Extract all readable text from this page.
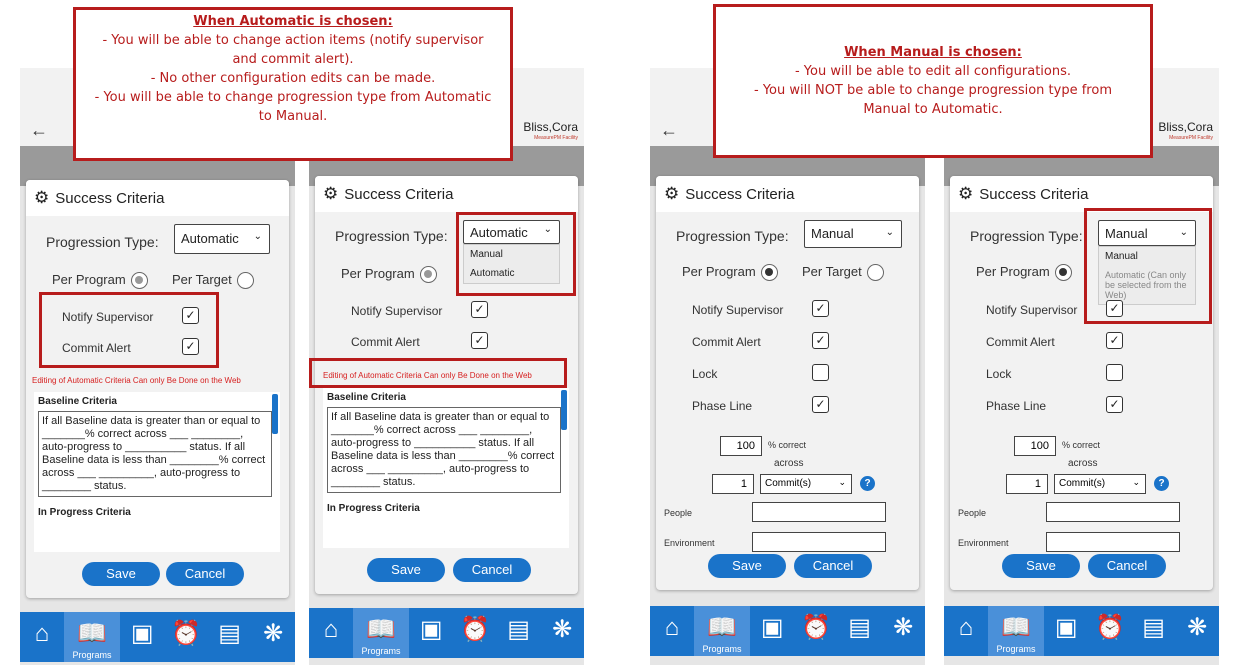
←
⚙ Success Criteria
Progression Type:	Automatic ⌄
Per Program	Per Target
Notify Supervisor	✓
Commit Alert	✓
Editing of Automatic Criteria Can only Be Done on the Web
Baseline Criteria
If all Baseline data is greater than or equal to _______% correct across ___ ________, auto-progress to __________ status. If all Baseline data is less than ________% correct across ___ _________, auto-progress to ________ status.
In Progress Criteria
Save	Cancel
⌂	📖
Programs
▣ ⏰ ▤ ❋
Bliss,Cora
MeasurePM Facility
⚙ Success Criteria
Progression Type:	Automatic ⌄
Manual
Automatic
Per Program
Notify Supervisor	✓
Commit Alert	✓
Editing of Automatic Criteria Can only Be Done on the Web
Baseline Criteria
If all Baseline data is greater than or equal to _______% correct across ___ ________, auto-progress to __________ status. If all Baseline data is less than ________% correct across ___ _________, auto-progress to ________ status.
In Progress Criteria
Save	Cancel
⌂	📖
Programs
▣ ⏰ ▤ ❋
←
⚙ Success Criteria
Progression Type:	Manual	⌄
Per Program	Per Target
Notify Supervisor	✓
Commit Alert	✓
Lock
Phase Line	✓
100	% correct
across
1	Commit(s)	⌄	?
People
Environment
Save	Cancel
⌂	📖
Programs
▣ ⏰ ▤ ❋
Bliss,Cora
MeasurePM Facility
⚙ Success Criteria
Progression Type:	Manual	⌄
Manual
Automatic (Can only be selected from the Web)
Per Program
Notify Supervisor	✓
Commit Alert	✓
Lock
Phase Line	✓
100	% correct
across
1	Commit(s)	⌄	?
People
Environment
Save	Cancel
⌂	📖
Programs
▣ ⏰ ▤ ❋
When Automatic is chosen:
- You will be able to change action items (notify supervisor
and commit alert).
- No other configuration edits can be made.
- You will be able to change progression type from Automatic
to Manual.
When Manual is chosen:
- You will be able to edit all configurations.
- You will NOT be able to change progression type from
Manual to Automatic.
